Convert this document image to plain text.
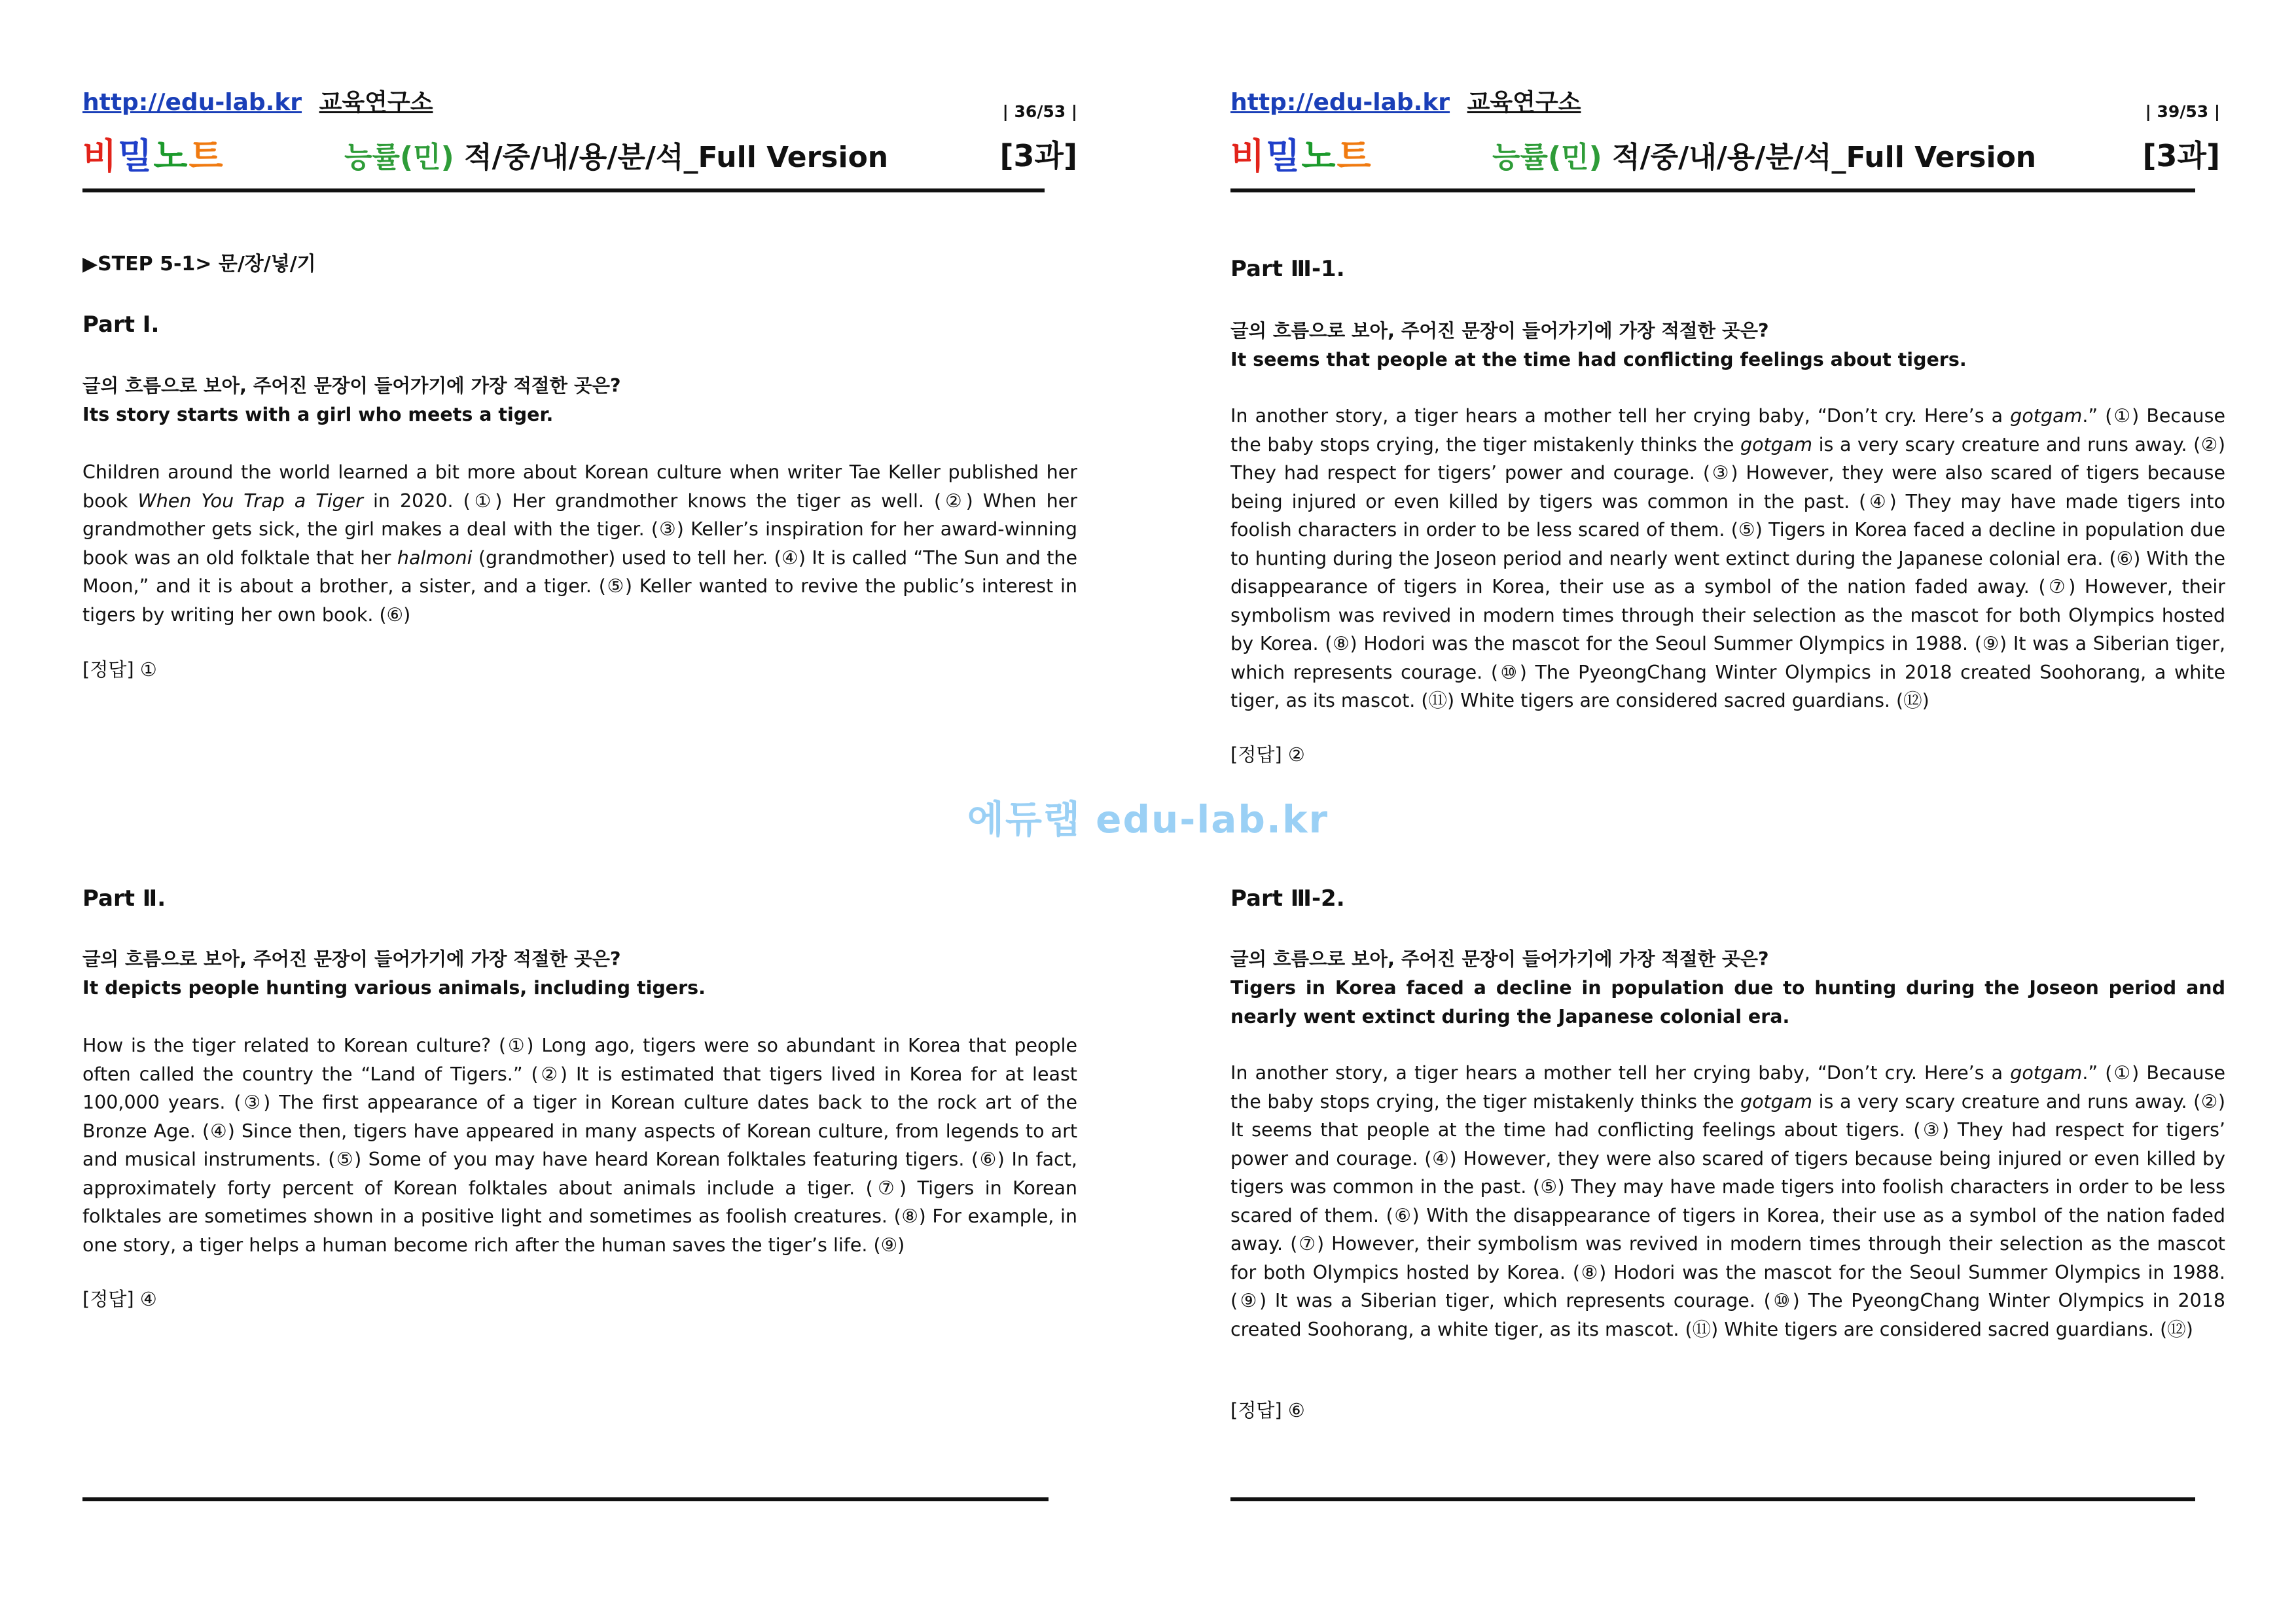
http://edu-lab.kr 교육연구소	| 36/53 |
비밀노트	능률(민) 적/중/내/용/분/석_Full Version	[3과]
▶STEP 5-1> 문/장/넣/기
Part Ⅰ.
글의 흐름으로 보아, 주어진 문장이 들어가기에 가장 적절한 곳은?
Its story starts with a girl who meets a tiger.
Children around the world learned a bit more about Korean culture when writer Tae Keller published her book When You Trap a Tiger in 2020. (①) Her grandmother knows the tiger as well. (②) When her grandmother gets sick, the girl makes a deal with the tiger. (③) Keller’s inspiration for her award-winning book was an old folktale that her halmoni (grandmother) used to tell her. (④) It is called “The Sun and the Moon,” and it is about a brother, a sister, and a tiger. (⑤) Keller wanted to revive the public’s interest in tigers by writing her own book. (⑥)
[정답] ①
Part Ⅱ.
글의 흐름으로 보아, 주어진 문장이 들어가기에 가장 적절한 곳은?
It depicts people hunting various animals, including tigers.
How is the tiger related to Korean culture? (①) Long ago, tigers were so abundant in Korea that people often called the country the “Land of Tigers.” (②) It is estimated that tigers lived in Korea for at least 100,000 years. (③) The first appearance of a tiger in Korean culture dates back to the rock art of the Bronze Age. (④) Since then, tigers have appeared in many aspects of Korean culture, from legends to art and musical instruments. (⑤) Some of you may have heard Korean folktales featuring tigers. (⑥) In fact, approximately forty percent of Korean folktales about animals include a tiger. (⑦) Tigers in Korean folktales are sometimes shown in a positive light and sometimes as foolish creatures. (⑧) For example, in one story, a tiger helps a human become rich after the human saves the tiger’s life. (⑨)
[정답] ④
http://edu-lab.kr 교육연구소	| 39/53 |
비밀노트	능률(민) 적/중/내/용/분/석_Full Version	[3과]
Part Ⅲ-1.
글의 흐름으로 보아, 주어진 문장이 들어가기에 가장 적절한 곳은?
It seems that people at the time had conflicting feelings about tigers.
In another story, a tiger hears a mother tell her crying baby, “Don’t cry. Here’s a gotgam.” (①) Because the baby stops crying, the tiger mistakenly thinks the gotgam is a very scary creature and runs away. (②) They had respect for tigers’ power and courage. (③) However, they were also scared of tigers because being injured or even killed by tigers was common in the past. (④) They may have made tigers into foolish characters in order to be less scared of them. (⑤) Tigers in Korea faced a decline in population due to hunting during the Joseon period and nearly went extinct during the Japanese colonial era. (⑥) With the disappearance of tigers in Korea, their use as a symbol of the nation faded away. (⑦) However, their symbolism was revived in modern times through their selection as the mascot for both Olympics hosted by Korea. (⑧) Hodori was the mascot for the Seoul Summer Olympics in 1988. (⑨) It was a Siberian tiger, which represents courage. (⑩) The PyeongChang Winter Olympics in 2018 created Soohorang, a white tiger, as its mascot. (⑪) White tigers are considered sacred guardians. (⑫)
[정답] ②
Part Ⅲ-2.
글의 흐름으로 보아, 주어진 문장이 들어가기에 가장 적절한 곳은?
Tigers in Korea faced a decline in population due to hunting during the Joseon period and nearly went extinct during the Japanese colonial era.
In another story, a tiger hears a mother tell her crying baby, “Don’t cry. Here’s a gotgam.” (①) Because the baby stops crying, the tiger mistakenly thinks the gotgam is a very scary creature and runs away. (②) It seems that people at the time had conflicting feelings about tigers. (③) They had respect for tigers’ power and courage. (④) However, they were also scared of tigers because being injured or even killed by tigers was common in the past. (⑤) They may have made tigers into foolish characters in order to be less scared of them. (⑥) With the disappearance of tigers in Korea, their use as a symbol of the nation faded away. (⑦) However, their symbolism was revived in modern times through their selection as the mascot for both Olympics hosted by Korea. (⑧) Hodori was the mascot for the Seoul Summer Olympics in 1988. (⑨) It was a Siberian tiger, which represents courage. (⑩) The PyeongChang Winter Olympics in 2018 created Soohorang, a white tiger, as its mascot. (⑪) White tigers are considered sacred guardians. (⑫)
[정답] ⑥
에듀랩 edu-lab.kr
